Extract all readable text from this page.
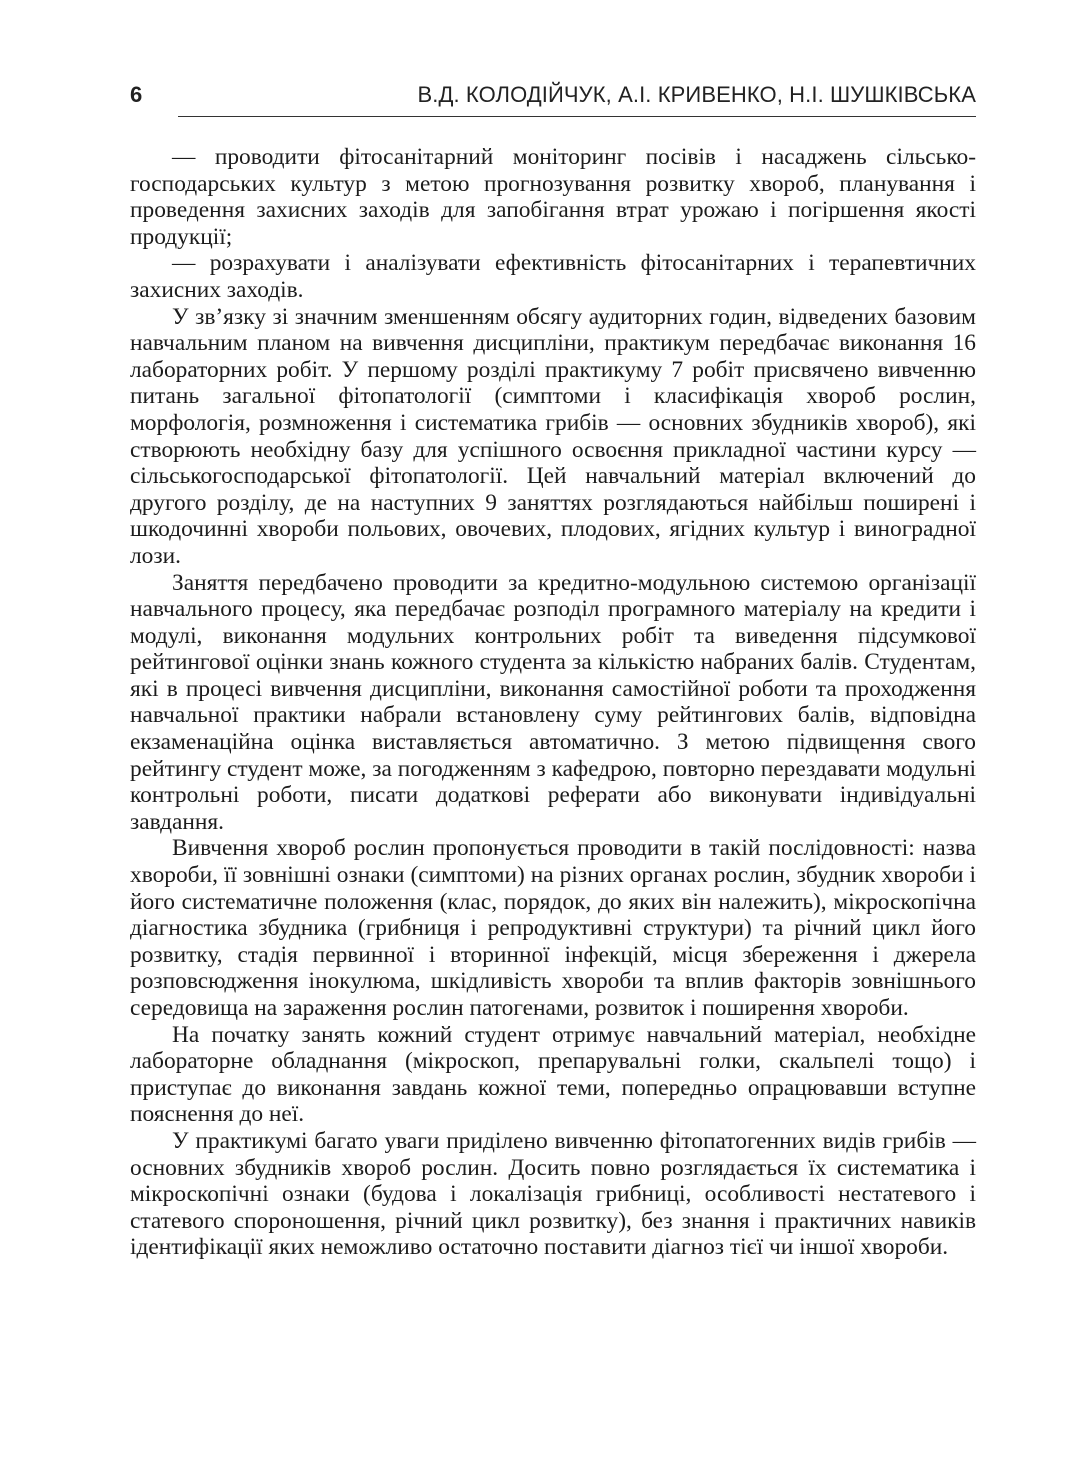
6	В.Д. КОЛОДІЙЧУК, А.І. КРИВЕНКО, Н.І. ШУШКІВСЬКА

— проводити фітосанітарний моніторинг посівів і насаджень сільськогосподарських культур з метою прогнозування розвитку хвороб, планування і проведення захисних заходів для запобігання втрат урожаю і погіршення якості продукції;

— розрахувати і аналізувати ефективність фітосанітарних і терапевтичних захисних заходів.

У зв’язку зі значним зменшенням обсягу аудиторних годин, відведених базовим навчальним планом на вивчення дисципліни, практикум передбачає виконання 16 лабораторних робіт. У першому розділі практикуму 7 робіт присвячено вивченню питань загальної фітопатології (симптоми і класифікація хвороб рослин, морфологія, розмноження і систематика грибів — основних збудників хвороб), які створюють необхідну базу для успішного освоєння прикладної частини курсу — сільськогосподарської фітопатології. Цей навчальний матеріал включений до другого розділу, де на наступних 9 заняттях розглядаються найбільш поширені і шкодочинні хвороби польових, овочевих, плодових, ягідних культур і виноградної лози.

Заняття передбачено проводити за кредитно-модульною системою організації навчального процесу, яка передбачає розподіл програмного матеріалу на кредити і модулі, виконання модульних контрольних робіт та виведення підсумкової рейтингової оцінки знань кожного студента за кількістю набраних балів. Студентам, які в процесі вивчення дисципліни, виконання самостійної роботи та проходження навчальної практики набрали встановлену суму рейтингових балів, відповідна екзаменаційна оцінка виставляється автоматично. З метою підвищення свого рейтингу студент може, за погодженням з кафедрою, повторно перездавати модульні контрольні роботи, писати додаткові реферати або виконувати індивідуальні завдання.

Вивчення хвороб рослин пропонується проводити в такій послідовності: назва хвороби, її зовнішні ознаки (симптоми) на різних органах рослин, збудник хвороби і його систематичне положення (клас, порядок, до яких він належить), мікроскопічна діагностика збудника (грибниця і репродуктивні структури) та річний цикл його розвитку, стадія первинної і вторинної інфекцій, місця збереження і джерела розповсюдження інокулюма, шкідливість хвороби та вплив факторів зовнішнього середовища на зараження рослин патогенами, розвиток і поширення хвороби.

На початку занять кожний студент отримує навчальний матеріал, необхідне лабораторне обладнання (мікроскоп, препарувальні голки, скальпелі тощо) і приступає до виконання завдань кожної теми, попередньо опрацювавши вступне пояснення до неї.

У практикумі багато уваги приділено вивченню фітопатогенних видів грибів — основних збудників хвороб рослин. Досить повно розглядається їх систематика і мікроскопічні ознаки (будова і локалізація грибниці, особливості нестатевого і статевого спороношення, річний цикл розвитку), без знання і практичних навиків ідентифікації яких неможливо остаточно поставити діагноз тієї чи іншої хвороби.
